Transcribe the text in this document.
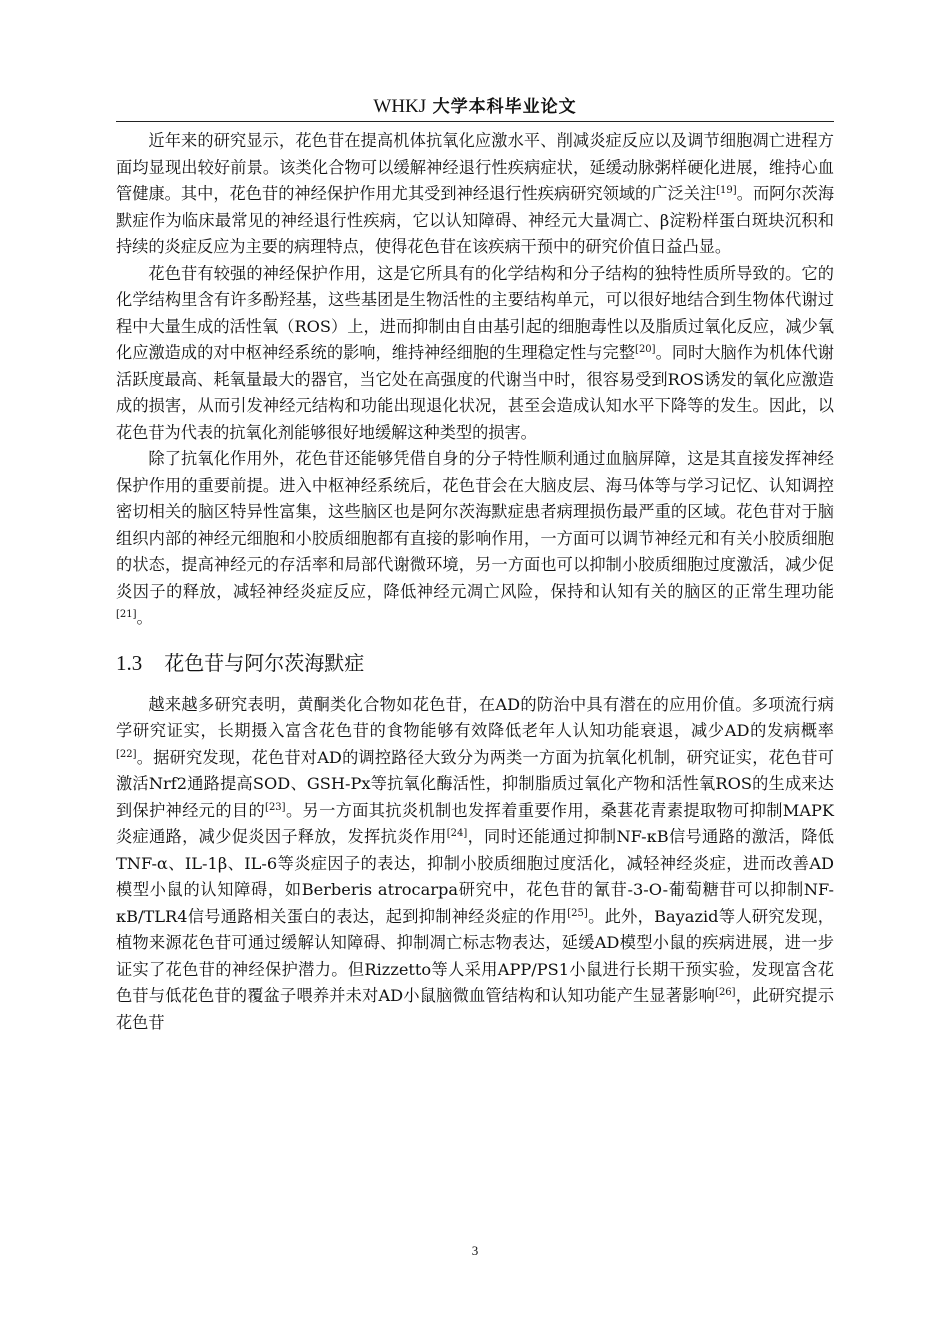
WHKJ 大学本科毕业论文

近年来的研究显示，花色苷在提高机体抗氧化应激水平、削减炎症反应以及调节细胞凋亡进程方面均显现出较好前景。该类化合物可以缓解神经退行性疾病症状，延缓动脉粥样硬化进展，维持心血管健康。其中，花色苷的神经保护作用尤其受到神经退行性疾病研究领域的广泛关注[19]。而阿尔茨海默症作为临床最常见的神经退行性疾病，它以认知障碍、神经元大量凋亡、β淀粉样蛋白斑块沉积和持续的炎症反应为主要的病理特点，使得花色苷在该疾病干预中的研究价值日益凸显。

花色苷有较强的神经保护作用，这是它所具有的化学结构和分子结构的独特性质所导致的。它的化学结构里含有许多酚羟基，这些基团是生物活性的主要结构单元，可以很好地结合到生物体代谢过程中大量生成的活性氧（ROS）上，进而抑制由自由基引起的细胞毒性以及脂质过氧化反应，减少氧化应激造成的对中枢神经系统的影响，维持神经细胞的生理稳定性与完整[20]。同时大脑作为机体代谢活跃度最高、耗氧量最大的器官，当它处在高强度的代谢当中时，很容易受到ROS诱发的氧化应激造成的损害，从而引发神经元结构和功能出现退化状况，甚至会造成认知水平下降等的发生。因此，以花色苷为代表的抗氧化剂能够很好地缓解这种类型的损害。

除了抗氧化作用外，花色苷还能够凭借自身的分子特性顺利通过血脑屏障，这是其直接发挥神经保护作用的重要前提。进入中枢神经系统后，花色苷会在大脑皮层、海马体等与学习记忆、认知调控密切相关的脑区特异性富集，这些脑区也是阿尔茨海默症患者病理损伤最严重的区域。花色苷对于脑组织内部的神经元细胞和小胶质细胞都有直接的影响作用，一方面可以调节神经元和有关小胶质细胞的状态，提高神经元的存活率和局部代谢微环境，另一方面也可以抑制小胶质细胞过度激活，减少促炎因子的释放，减轻神经炎症反应，降低神经元凋亡风险，保持和认知有关的脑区的正常生理功能[21]。

1.3 花色苷与阿尔茨海默症

越来越多研究表明，黄酮类化合物如花色苷，在AD的防治中具有潜在的应用价值。多项流行病学研究证实，长期摄入富含花色苷的食物能够有效降低老年人认知功能衰退，减少AD的发病概率[22]。据研究发现，花色苷对AD的调控路径大致分为两类一方面为抗氧化机制，研究证实，花色苷可激活Nrf2通路提高SOD、GSH-Px等抗氧化酶活性，抑制脂质过氧化产物和活性氧ROS的生成来达到保护神经元的目的[23]。另一方面其抗炎机制也发挥着重要作用，桑葚花青素提取物可抑制MAPK炎症通路，减少促炎因子释放，发挥抗炎作用[24]，同时还能通过抑制NF-κB信号通路的激活，降低TNF-α、IL-1β、IL-6等炎症因子的表达，抑制小胶质细胞过度活化，减轻神经炎症，进而改善AD模型小鼠的认知障碍，如Berberis atrocarpa研究中，花色苷的氰苷-3-O-葡萄糖苷可以抑制NF-κB/TLR4信号通路相关蛋白的表达，起到抑制神经炎症的作用[25]。此外，Bayazid等人研究发现，植物来源花色苷可通过缓解认知障碍、抑制凋亡标志物表达，延缓AD模型小鼠的疾病进展，进一步证实了花色苷的神经保护潜力。但Rizzetto等人采用APP/PS1小鼠进行长期干预实验，发现富含花色苷与低花色苷的覆盆子喂养并未对AD小鼠脑微血管结构和认知功能产生显著影响[26]，此研究提示花色苷

3
